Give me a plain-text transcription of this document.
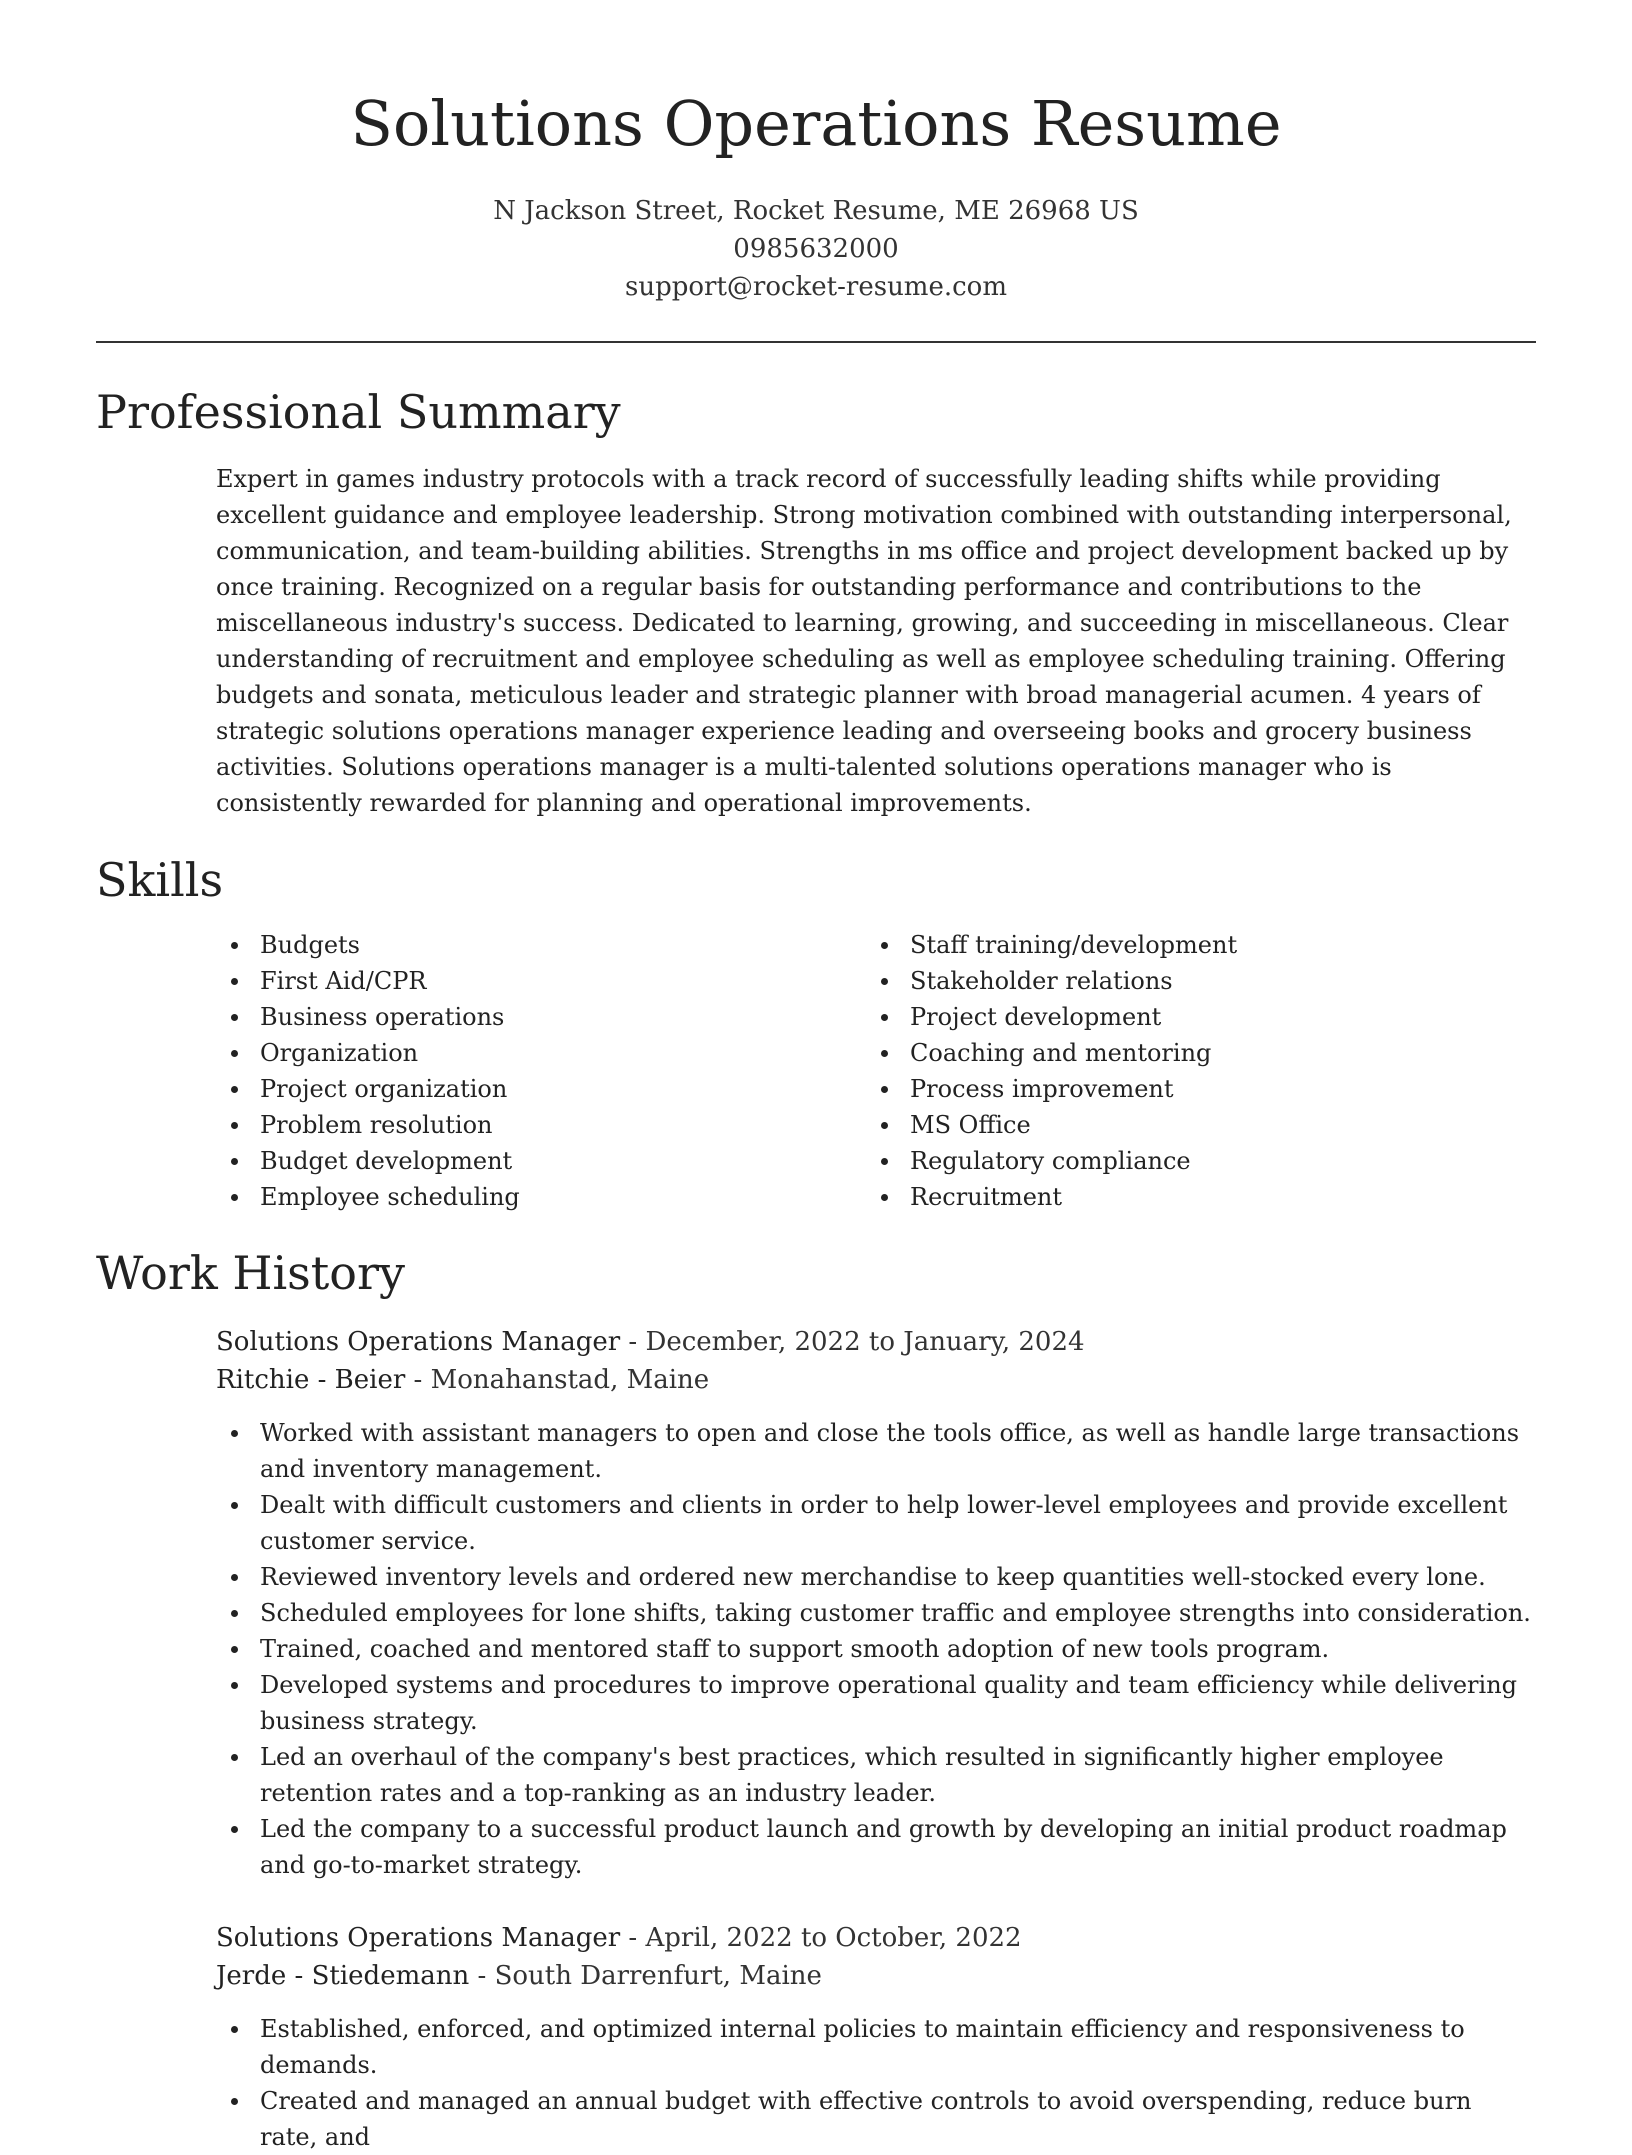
Solutions Operations Resume
N Jackson Street, Rocket Resume, ME 26968 US
0985632000
support@rocket-resume.com
Professional Summary

Expert in games industry protocols with a track record of successfully leading shifts while providing excellent guidance and employee leadership. Strong motivation combined with outstanding interpersonal, communication, and team-building abilities. Strengths in ms office and project development backed up by once training. Recognized on a regular basis for outstanding performance and contributions to the miscellaneous industry's success. Dedicated to learning, growing, and succeeding in miscellaneous. Clear understanding of recruitment and employee scheduling as well as employee scheduling training. Offering budgets and sonata, meticulous leader and strategic planner with broad managerial acumen. 4 years of strategic solutions operations manager experience leading and overseeing books and grocery business activities. Solutions operations manager is a multi-talented solutions operations manager who is consistently rewarded for planning and operational improvements.

Skills
Budgets
First Aid/CPR
Business operations
Organization
Project organization
Problem resolution
Budget development
Employee scheduling
Staff training/development
Stakeholder relations
Project development
Coaching and mentoring
Process improvement
MS Office
Regulatory compliance
Recruitment
Work History

Solutions Operations Manager - December, 2022 to January, 2024

Ritchie - Beier - Monahanstad, Maine

Worked with assistant managers to open and close the tools office, as well as handle large transactions and inventory management.
Dealt with difficult customers and clients in order to help lower-level employees and provide excellent customer service.
Reviewed inventory levels and ordered new merchandise to keep quantities well-stocked every lone.
Scheduled employees for lone shifts, taking customer traffic and employee strengths into consideration.
Trained, coached and mentored staff to support smooth adoption of new tools program.
Developed systems and procedures to improve operational quality and team efficiency while delivering business strategy.
Led an overhaul of the company's best practices, which resulted in significantly higher employee retention rates and a top-ranking as an industry leader.
Led the company to a successful product launch and growth by developing an initial product roadmap and go-to-market strategy.

Solutions Operations Manager - April, 2022 to October, 2022

Jerde - Stiedemann - South Darrenfurt, Maine

Established, enforced, and optimized internal policies to maintain efficiency and responsiveness to demands.
Created and managed an annual budget with effective controls to avoid overspending, reduce burn rate, and
